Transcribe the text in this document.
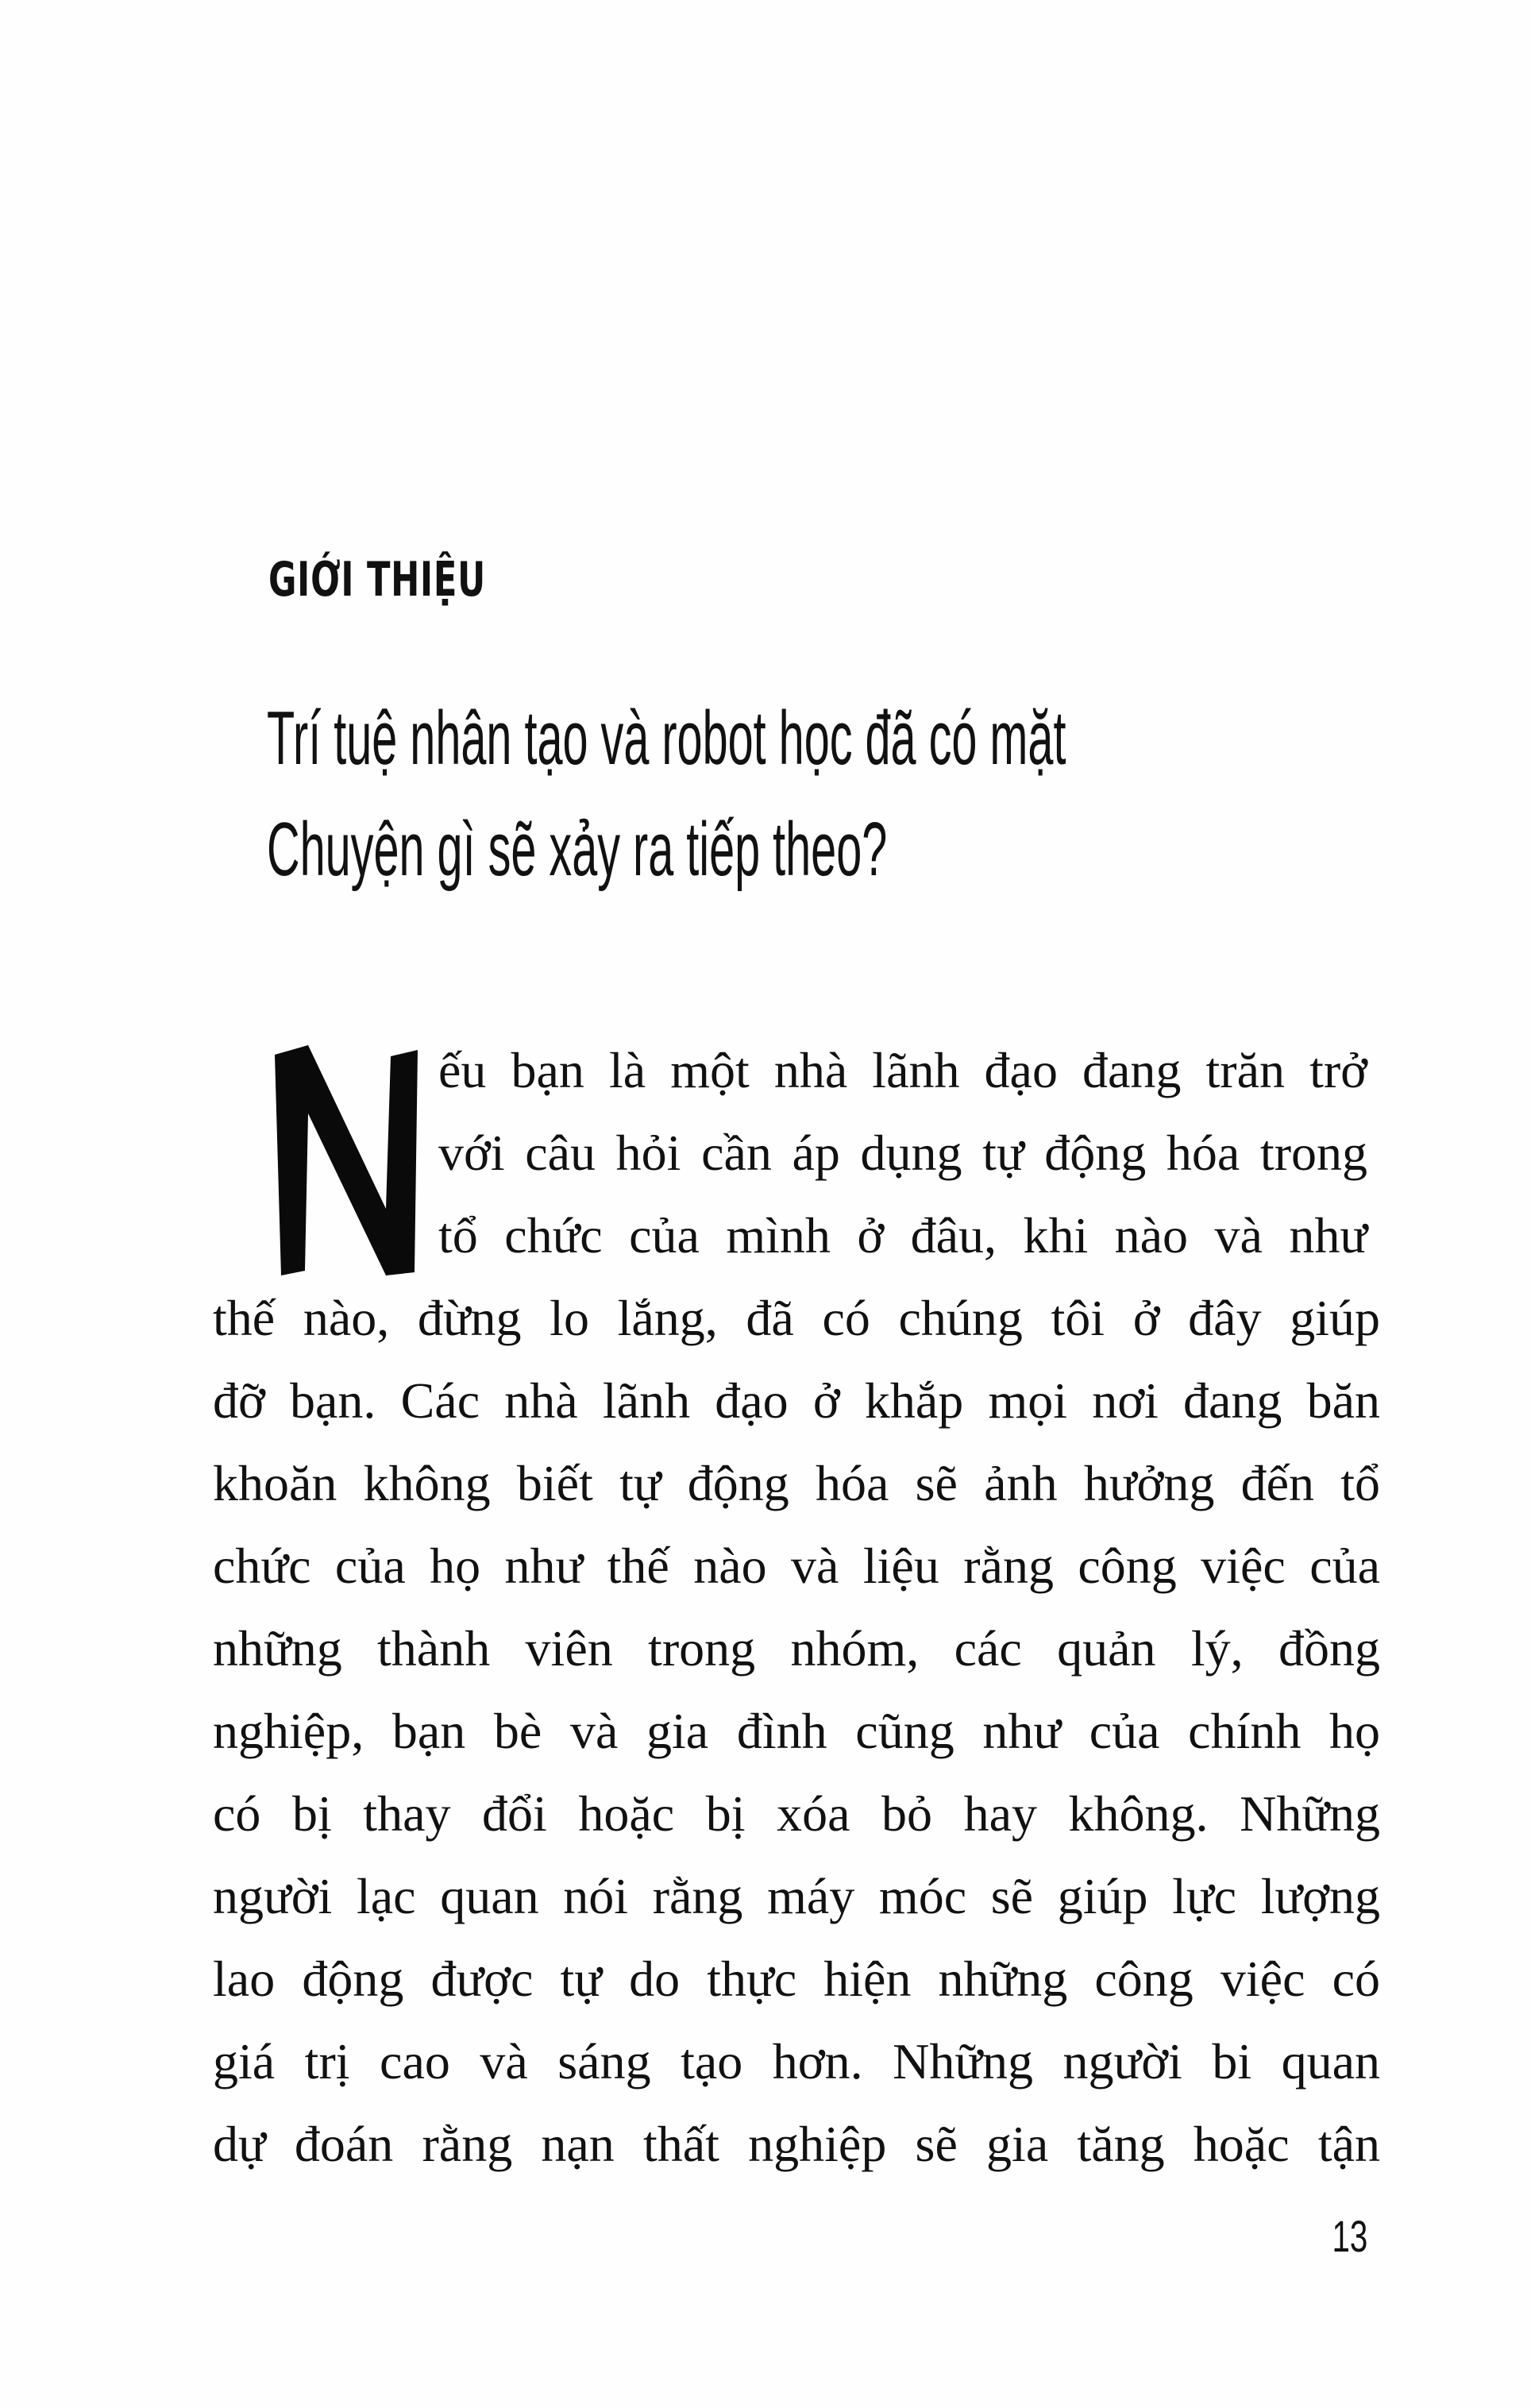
GIỚI THIỆU
Trí tuệ nhân tạo và robot học đã có mặt
Chuyện gì sẽ xảy ra tiếp theo?
ếu bạn là một nhà lãnh đạo đang trăn trở
với câu hỏi cần áp dụng tự động hóa trong
tổ chức của mình ở đâu, khi nào và như
thế nào, đừng lo lắng, đã có chúng tôi ở đây giúp
đỡ bạn. Các nhà lãnh đạo ở khắp mọi nơi đang băn
khoăn không biết tự động hóa sẽ ảnh hưởng đến tổ
chức của họ như thế nào và liệu rằng công việc của
những thành viên trong nhóm, các quản lý, đồng
nghiệp, bạn bè và gia đình cũng như của chính họ
có bị thay đổi hoặc bị xóa bỏ hay không. Những
người lạc quan nói rằng máy móc sẽ giúp lực lượng
lao động được tự do thực hiện những công việc có
giá trị cao và sáng tạo hơn. Những người bi quan
dự đoán rằng nạn thất nghiệp sẽ gia tăng hoặc tận
13
